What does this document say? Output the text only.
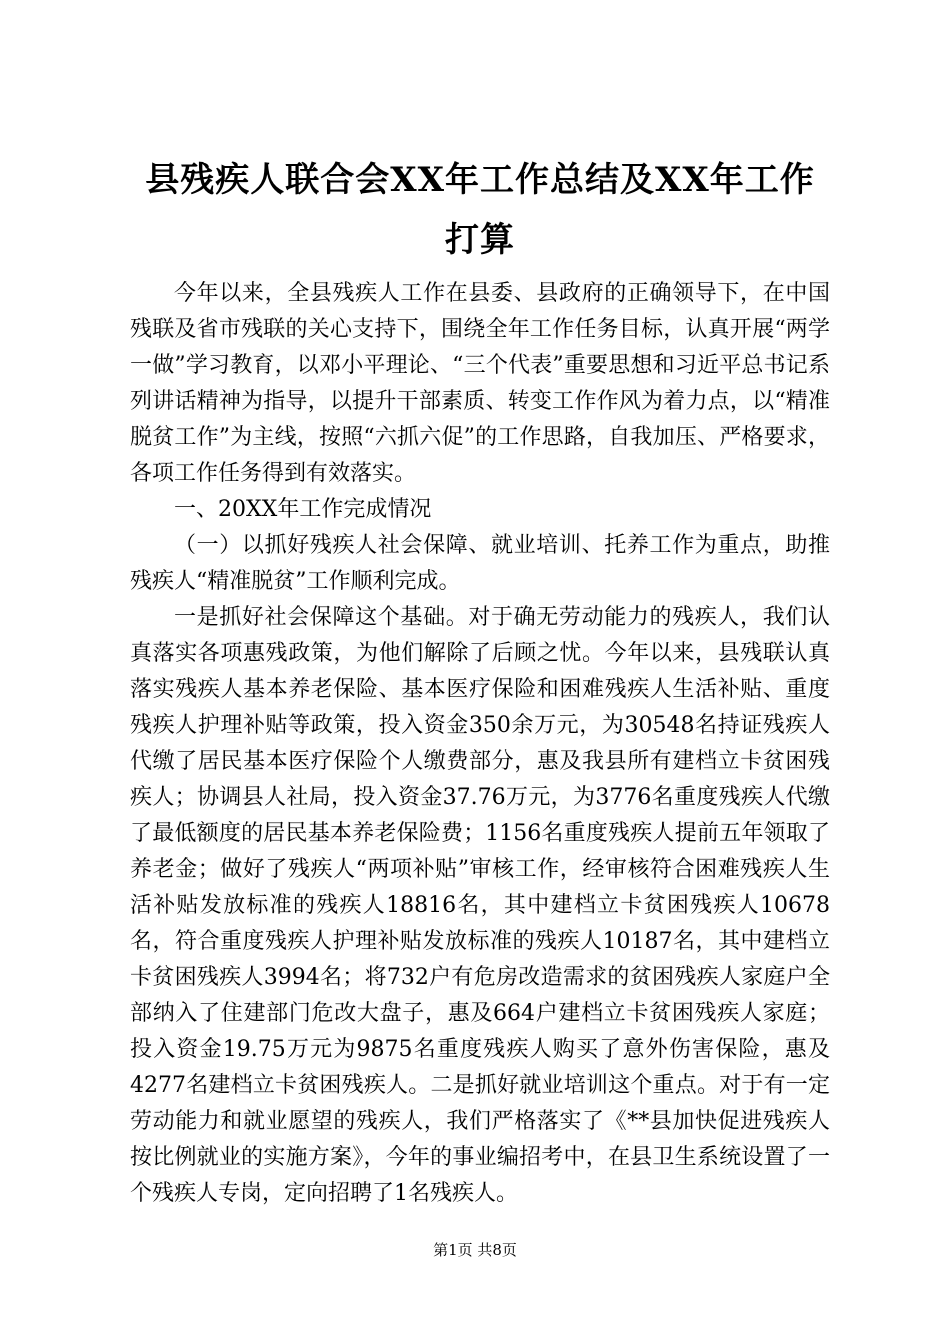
县残疾人联合会XX年工作总结及XX年工作打算

今年以来，全县残疾人工作在县委、县政府的正确领导下，在中国残联及省市残联的关心支持下，围绕全年工作任务目标，认真开展“两学一做”学习教育，以邓小平理论、“三个代表”重要思想和习近平总书记系列讲话精神为指导，以提升干部素质、转变工作作风为着力点，以“精准脱贫工作”为主线，按照“六抓六促”的工作思路，自我加压、严格要求，各项工作任务得到有效落实。

一、20XX年工作完成情况

（一）以抓好残疾人社会保障、就业培训、托养工作为重点，助推残疾人“精准脱贫”工作顺利完成。

一是抓好社会保障这个基础。对于确无劳动能力的残疾人，我们认真落实各项惠残政策，为他们解除了后顾之忧。今年以来，县残联认真落实残疾人基本养老保险、基本医疗保险和困难残疾人生活补贴、重度残疾人护理补贴等政策，投入资金350余万元，为30548名持证残疾人代缴了居民基本医疗保险个人缴费部分，惠及我县所有建档立卡贫困残疾人；协调县人社局，投入资金37.76万元，为3776名重度残疾人代缴了最低额度的居民基本养老保险费；1156名重度残疾人提前五年领取了养老金；做好了残疾人“两项补贴”审核工作，经审核符合困难残疾人生活补贴发放标准的残疾人18816名，其中建档立卡贫困残疾人10678名，符合重度残疾人护理补贴发放标准的残疾人10187名，其中建档立卡贫困残疾人3994名；将732户有危房改造需求的贫困残疾人家庭户全部纳入了住建部门危改大盘子，惠及664户建档立卡贫困残疾人家庭；投入资金19.75万元为9875名重度残疾人购买了意外伤害保险，惠及4277名建档立卡贫困残疾人。二是抓好就业培训这个重点。对于有一定劳动能力和就业愿望的残疾人，我们严格落实了《**县加快促进残疾人按比例就业的实施方案》，今年的事业编招考中，在县卫生系统设置了一个残疾人专岗，定向招聘了1名残疾人。

第1页 共8页
